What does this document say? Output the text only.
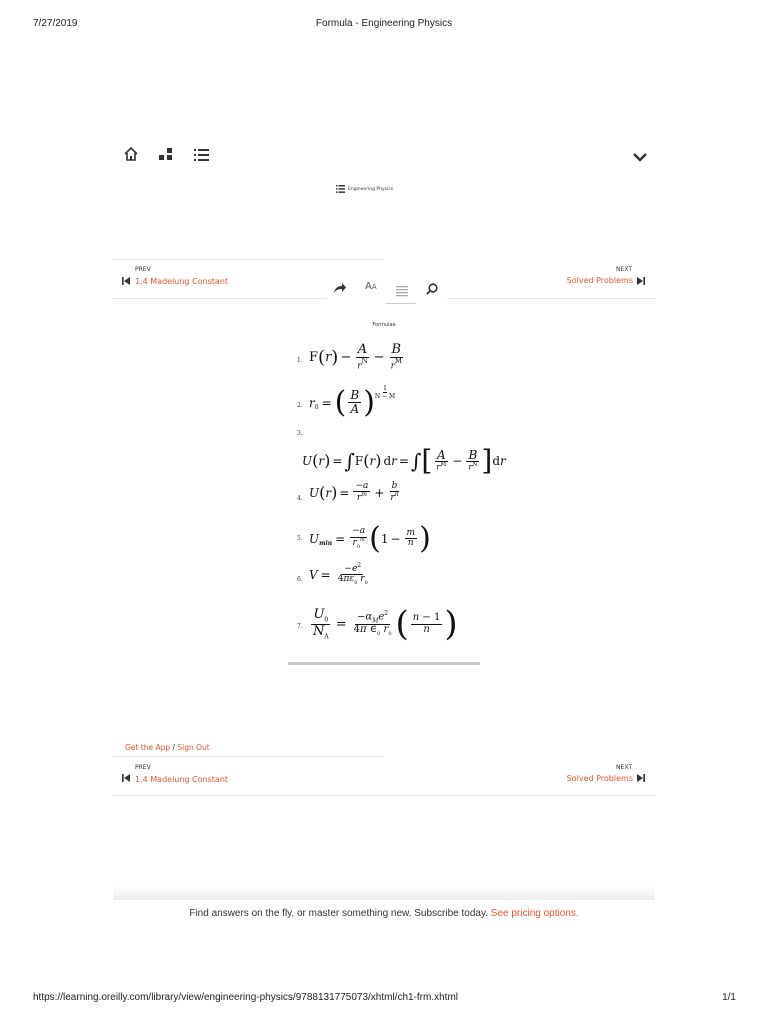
7/27/2019	Formula - Engineering Physics
Engineering Physics
PREV
1.4 Madelung Constant
NEXT
Solved Problems
AA
Formulae
1. F ( r ) − $\frac{A}{r^N} - \frac{B}{r^M}$
2. r 0 = ( $\frac{B}{A}$ ) 1
N − M
3.
U ( r ) = ∫ F ( r ) dr = ∫ [ $\frac{A}{r^M} - \frac{B}{r^N}$ ] dr
4. U ( r ) = $\frac{-a}{r^m} + \frac{b}{r^n}$
5. U $\min = \frac{-a}{r_0^m}$ ( $1 - \frac{m}{n}$ )
6. $V = \frac{-e^2}{4\pi\varepsilon_0 r_0}$
7. $\frac{U_0}{N_A} = \frac{-\alpha_Me^2}{4\pi \in_0 r_0}$ ( $\frac{n - 1}{n}$ )
Get the App / Sign Out
PREV
1.4 Madelung Constant
NEXT
Solved Problems
Find answers on the fly, or master something new. Subscribe today. See pricing options.
https://learning.oreilly.com/library/view/engineering-physics/9788131775073/xhtml/ch1-frm.xhtml	1/1
